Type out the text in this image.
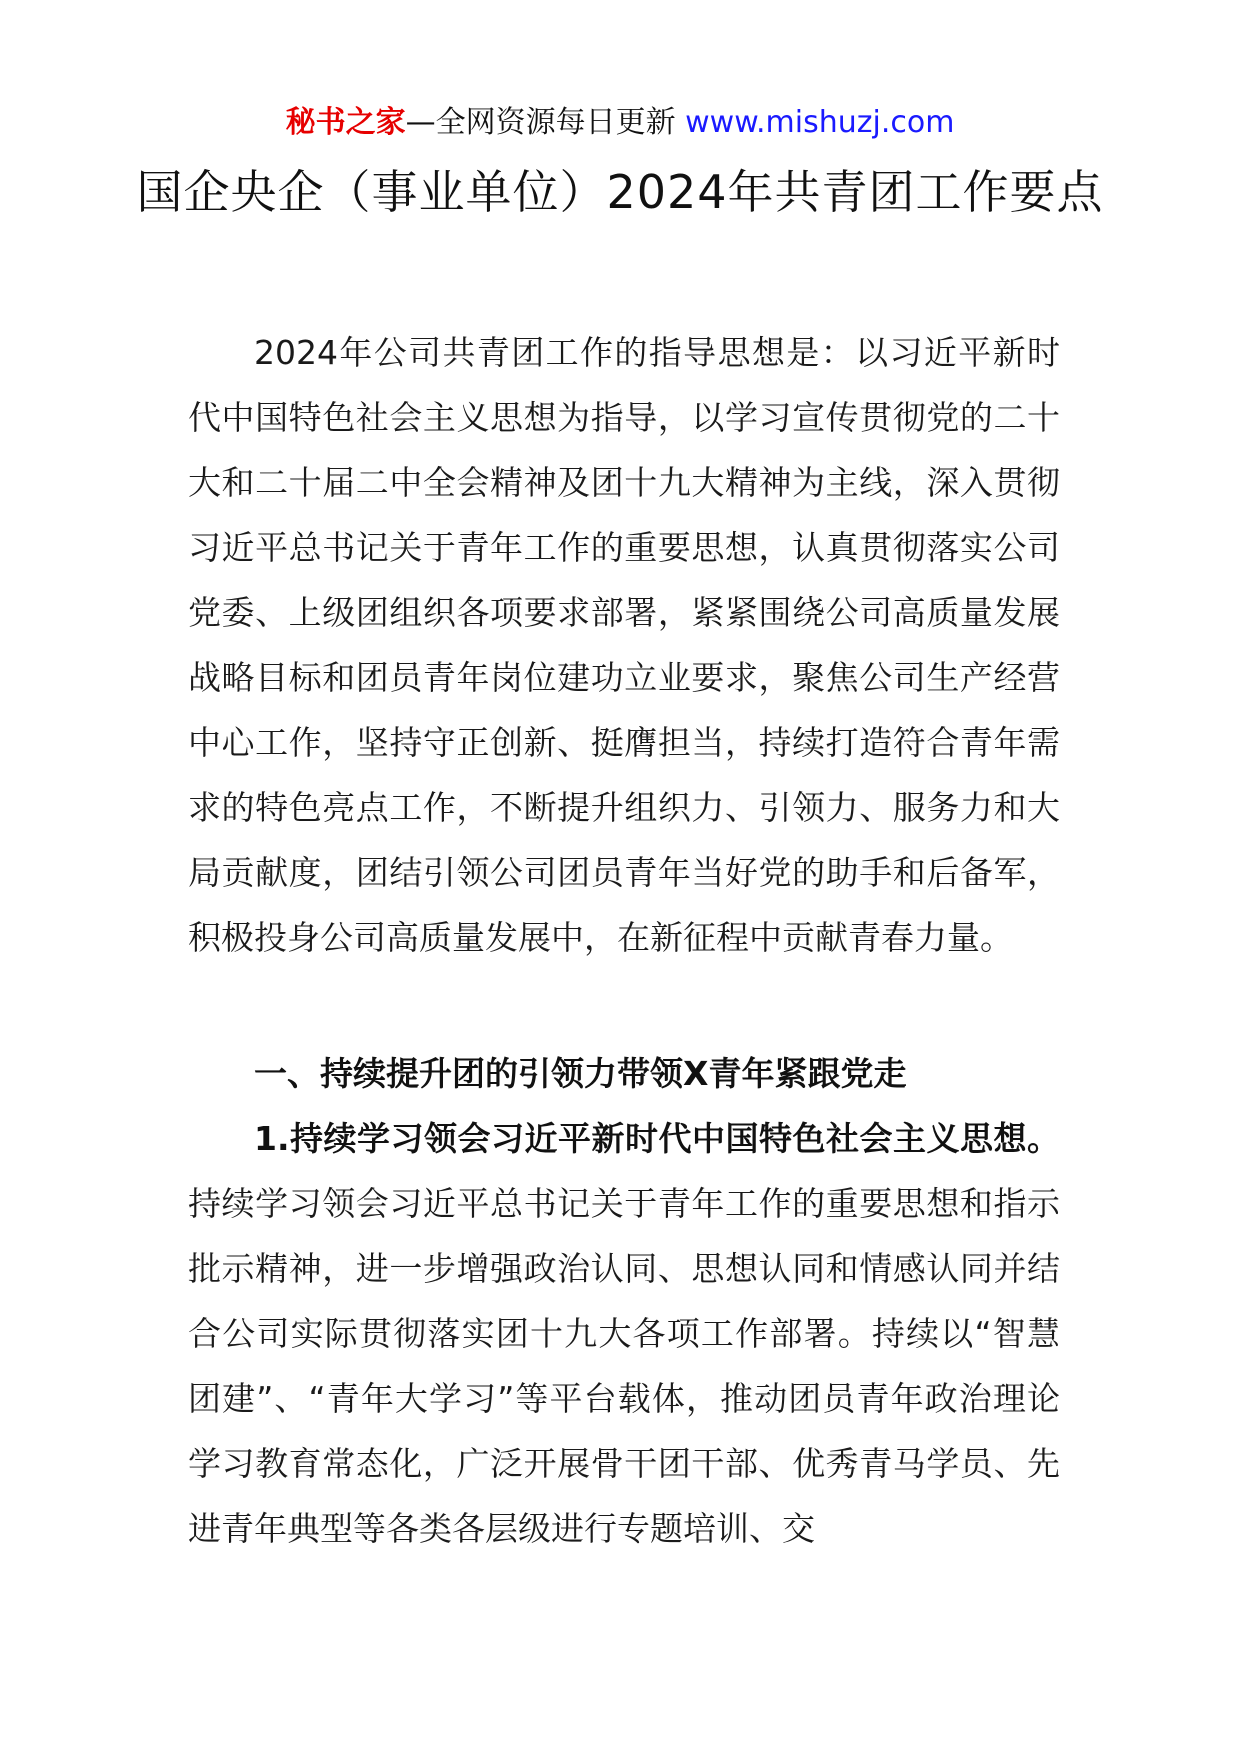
秘书之家—全网资源每日更新 www.mishuzj.com
国企央企（事业单位）2024年共青团工作要点
2024年公司共青团工作的指导思想是：以习近平新时代中国特色社会主义思想为指导，以学习宣传贯彻党的二十大和二十届二中全会精神及团十九大精神为主线，深入贯彻习近平总书记关于青年工作的重要思想，认真贯彻落实公司党委、上级团组织各项要求部署，紧紧围绕公司高质量发展战略目标和团员青年岗位建功立业要求，聚焦公司生产经营中心工作，坚持守正创新、挺膺担当，持续打造符合青年需求的特色亮点工作，不断提升组织力、引领力、服务力和大局贡献度，团结引领公司团员青年当好党的助手和后备军，积极投身公司高质量发展中，在新征程中贡献青春力量。
一、持续提升团的引领力带领X青年紧跟党走
1.持续学习领会习近平新时代中国特色社会主义思想。持续学习领会习近平总书记关于青年工作的重要思想和指示批示精神，进一步增强政治认同、思想认同和情感认同并结合公司实际贯彻落实团十九大各项工作部署。持续以“智慧团建”、“青年大学习”等平台载体，推动团员青年政治理论学习教育常态化，广泛开展骨干团干部、优秀青马学员、先进青年典型等各类各层级进行专题培训、交
